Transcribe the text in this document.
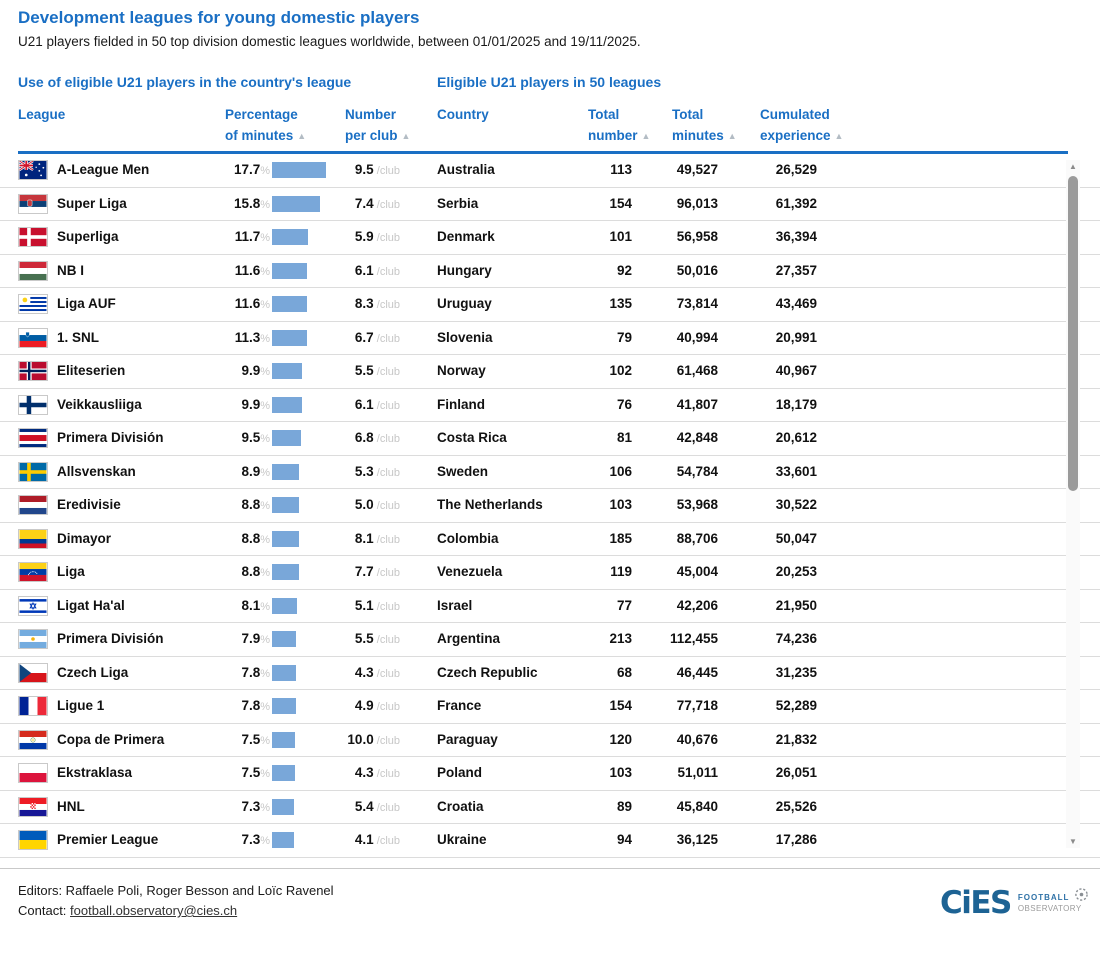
Development leagues for young domestic players
U21 players fielded in 50 top division domestic leagues worldwide, between 01/01/2025 and 19/11/2025.
Use of eligible U21 players in the country's league	Eligible U21 players in 50 leagues
League	Percentage
of minutes ▲
Number
per club ▲
Country	Total
number ▲
Total
minutes ▲
Cumulated
experience ▲
A-League Men	17.7%	9.5 /club	Australia	113	49,527	26,529
Super Liga	15.8%	7.4 /club	Serbia	154	96,013	61,392
Superliga	11.7%	5.9 /club	Denmark	101	56,958	36,394
NB I	11.6%	6.1 /club	Hungary	92	50,016	27,357
Liga AUF	11.6%	8.3 /club	Uruguay	135	73,814	43,469
1. SNL	11.3%	6.7 /club	Slovenia	79	40,994	20,991
Eliteserien	9.9%	5.5 /club	Norway	102	61,468	40,967
Veikkausliiga	9.9%	6.1 /club	Finland	76	41,807	18,179
Primera División	9.5%	6.8 /club	Costa Rica	81	42,848	20,612
Allsvenskan	8.9%	5.3 /club	Sweden	106	54,784	33,601
Eredivisie	8.8%	5.0 /club	The Netherlands	103	53,968	30,522
Dimayor	8.8%	8.1 /club	Colombia	185	88,706	50,047
Liga	8.8%	7.7 /club	Venezuela	119	45,004	20,253
Ligat Ha'al	8.1%	5.1 /club	Israel	77	42,206	21,950
Primera División	7.9%	5.5 /club	Argentina	213	112,455	74,236
Czech Liga	7.8%	4.3 /club	Czech Republic	68	46,445	31,235
Ligue 1	7.8%	4.9 /club	France	154	77,718	52,289
Copa de Primera	7.5%	10.0 /club	Paraguay	120	40,676	21,832
Ekstraklasa	7.5%	4.3 /club	Poland	103	51,011	26,051
HNL	7.3%	5.4 /club	Croatia	89	45,840	25,526
Premier League	7.3%	4.1 /club	Ukraine	94	36,125	17,286
▲
▼
Editors: Raffaele Poli, Roger Besson and Loïc Ravenel
Contact: football.observatory@cies.ch	CiES FOOTBALL
OBSERVATORY
